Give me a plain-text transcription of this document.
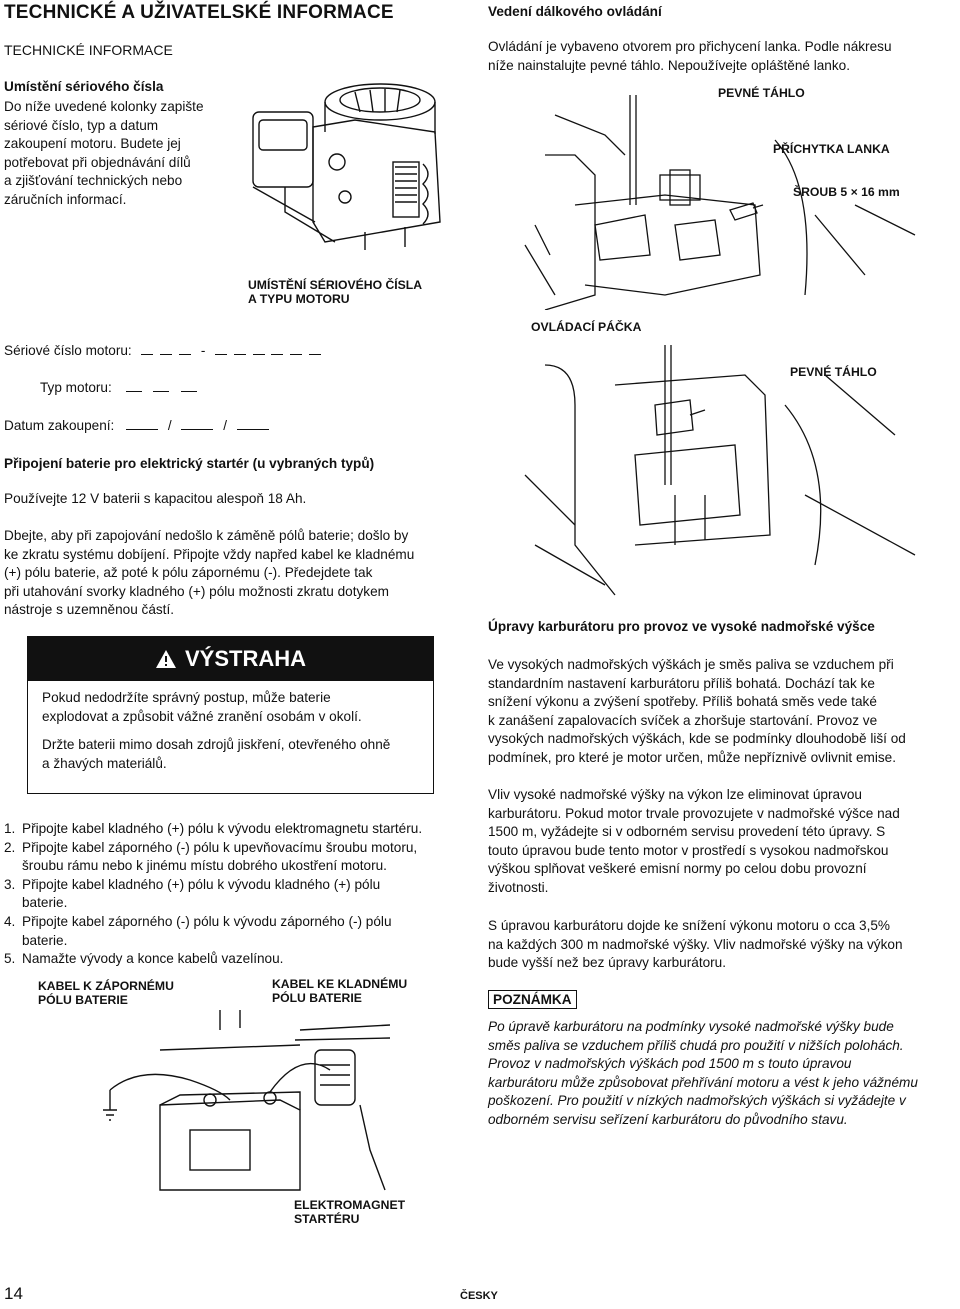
TECHNICKÉ A UŽIVATELSKÉ INFORMACE
TECHNICKÉ INFORMACE
Umístění sériového čísla
Do níže uvedené kolonky zapište
sériové číslo, typ a datum
zakoupení motoru. Budete jej
potřebovat při objednávání dílů
a zjišťování technických nebo
záručních informací.
UMÍSTĚNÍ SÉRIOVÉHO ČÍSLA
A TYPU MOTORU
Sériové číslo motoru:	-
Typ motoru:
Datum zakoupení:	/	/
Připojení baterie pro elektrický startér (u vybraných typů)
Používejte 12 V baterii s kapacitou alespoň 18 Ah.
Dbejte, aby při zapojování nedošlo k záměně pólů baterie; došlo by
ke zkratu systému dobíjení. Připojte vždy napřed kabel ke kladnému
(+) pólu baterie, až poté k pólu zápornému (-). Předejdete tak
při utahování svorky kladného (+) pólu možnosti zkratu dotykem
nástroje s uzemněnou částí.
VÝSTRAHA
Pokud nedodržíte správný postup, může baterie
explodovat a způsobit vážné zranění osobám v okolí.
Držte baterii mimo dosah zdrojů jiskření, otevřeného ohně
a žhavých materiálů.
1. Připojte kabel kladného (+) pólu k vývodu elektromagnetu startéru.
2. Připojte kabel záporného (-) pólu k upevňovacímu šroubu motoru,
šroubu rámu nebo k jinému místu dobrého ukostření motoru.
3. Připojte kabel kladného (+) pólu k vývodu kladného (+) pólu
baterie.
4. Připojte kabel záporného (-) pólu k vývodu záporného (-) pólu
baterie.
5. Namažte vývody a konce kabelů vazelínou.
KABEL K ZÁPORNÉMU
PÓLU BATERIE
KABEL KE KLADNÉMU
PÓLU BATERIE
ELEKTROMAGNET
STARTÉRU
Vedení dálkového ovládání
Ovládání je vybaveno otvorem pro přichycení lanka. Podle nákresu
níže nainstalujte pevné táhlo. Nepoužívejte opláštěné lanko.
PEVNÉ TÁHLO
PŘÍCHYTKA LANKA
ŠROUB 5 × 16 mm
OVLÁDACÍ PÁČKA
PEVNÉ TÁHLO
Úpravy karburátoru pro provoz ve vysoké nadmořské výšce
Ve vysokých nadmořských výškách je směs paliva se vzduchem při
standardním nastavení karburátoru příliš bohatá. Dochází tak ke
snížení výkonu a zvýšení spotřeby. Příliš bohatá směs vede také
k zanášení zapalovacích svíček a zhoršuje startování. Provoz ve
vysokých nadmořských výškách, kde se podmínky dlouhodobě liší od
podmínek, pro které je motor určen, může nepříznivě ovlivnit emise.
Vliv vysoké nadmořské výšky na výkon lze eliminovat úpravou
karburátoru. Pokud motor trvale provozujete v nadmořské výšce nad
1500 m, vyžádejte si v odborném servisu provedení této úpravy. S
touto úpravou bude tento motor v prostředí s vysokou nadmořskou
výškou splňovat veškeré emisní normy po celou dobu provozní
životnosti.
S úpravou karburátoru dojde ke snížení výkonu motoru o cca 3,5%
na každých 300 m nadmořské výšky. Vliv nadmořské výšky na výkon
bude vyšší než bez úpravy karburátoru.
POZNÁMKA
Po úpravě karburátoru na podmínky vysoké nadmořské výšky bude
směs paliva se vzduchem příliš chudá pro použití v nižších polohách.
Provoz v nadmořských výškách pod 1500 m s touto úpravou
karburátoru může způsobovat přehřívání motoru a vést k jeho vážnému
poškození. Pro použití v nízkých nadmořských výškách si vyžádejte v
odborném servisu seřízení karburátoru do původního stavu.
14	ČESKY
